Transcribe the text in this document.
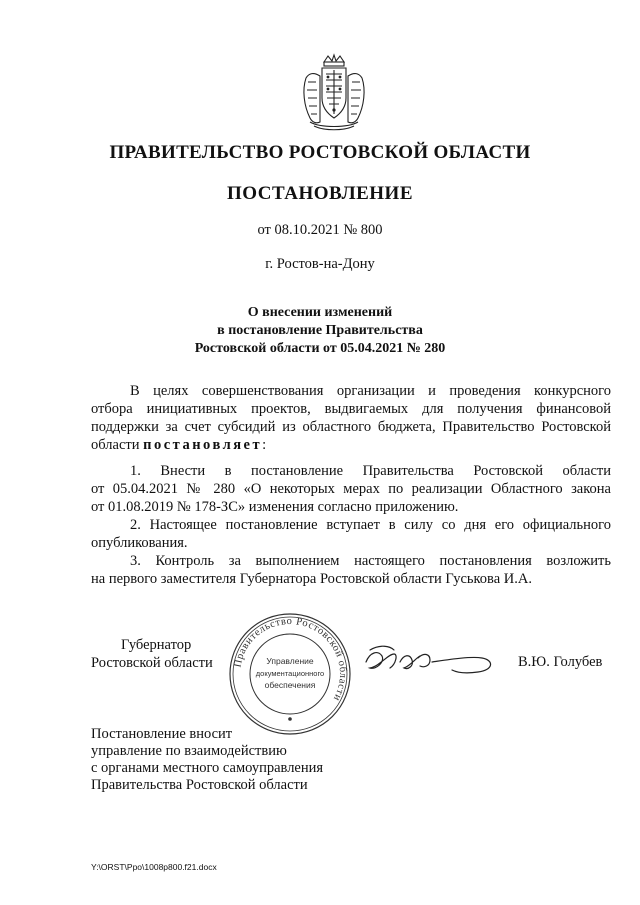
ПРАВИТЕЛЬСТВО РОСТОВСКОЙ ОБЛАСТИ
ПОСТАНОВЛЕНИЕ
от 08.10.2021 № 800
г. Ростов-на-Дону
О внесении изменений
в постановление Правительства
Ростовской области от 05.04.2021 № 280
В целях совершенствования организации и проведения конкурсного
отбора инициативных проектов, выдвигаемых для получения финансовой
поддержки за счет субсидий из областного бюджета, Правительство Ростовской
области постановляет:
1. Внести в постановление Правительства Ростовской области
от 05.04.2021 № 280 «О некоторых мерах по реализации Областного закона
от 01.08.2019 № 178-ЗС» изменения согласно приложению.
2. Настоящее постановление вступает в силу со дня его официального
опубликования.
3. Контроль за выполнением настоящего постановления возложить
на первого заместителя Губернатора Ростовской области Гуськова И.А.
Губернатор
Ростовской области Правительство Ростовской области
Управление
документационного
обеспечения
В.Ю. Голубев
Постановление вносит
управление по взаимодействию
с органами местного самоуправления
Правительства Ростовской области
Y:\ORST\Ppo\1008p800.f21.docx
